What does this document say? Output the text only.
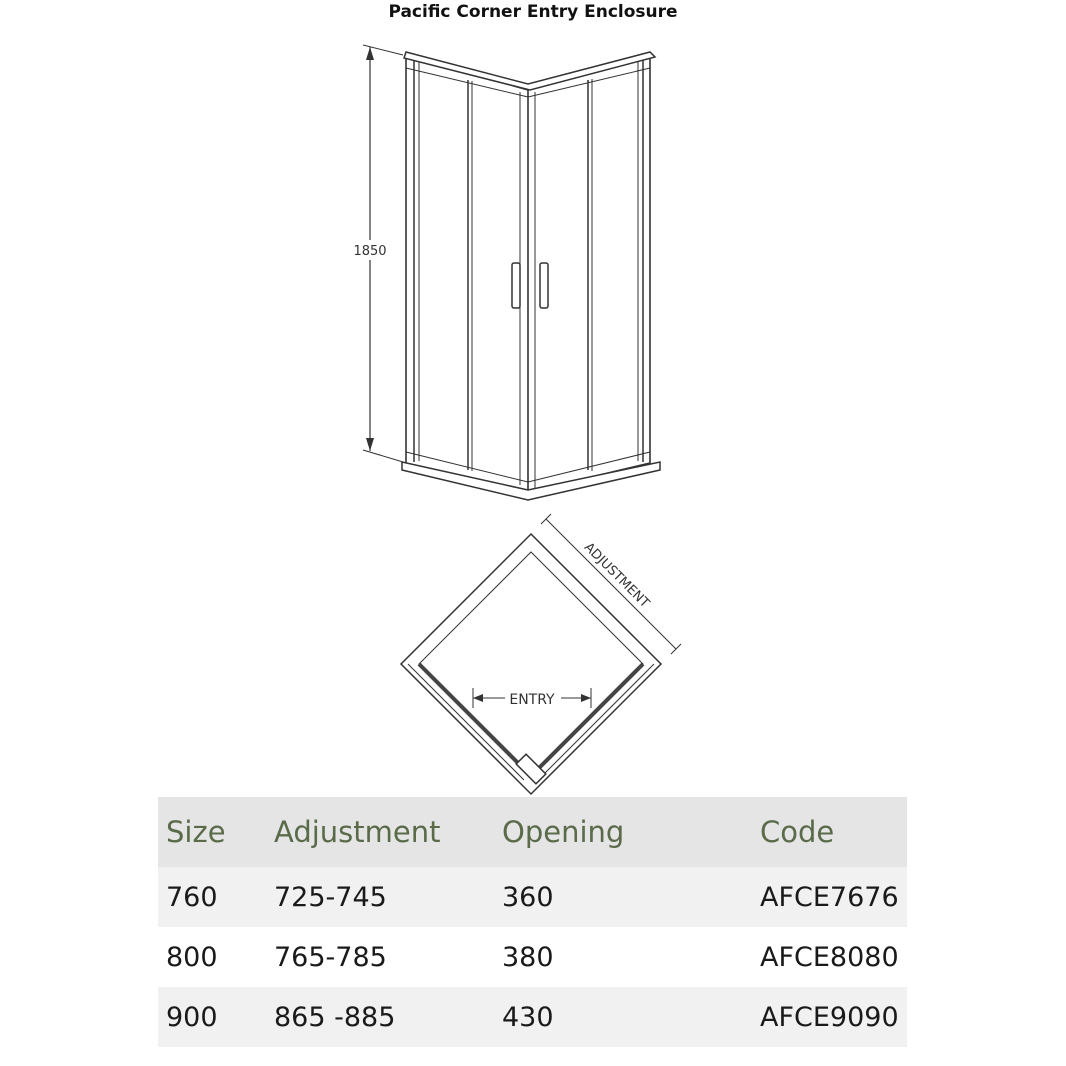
Pacific Corner Entry Enclosure
1850
ADJUSTMENT
ENTRY
Size	Adjustment	Opening	Code
760	725-745	360	AFCE7676
800	765-785	380	AFCE8080
900	865 -885	430	AFCE9090
